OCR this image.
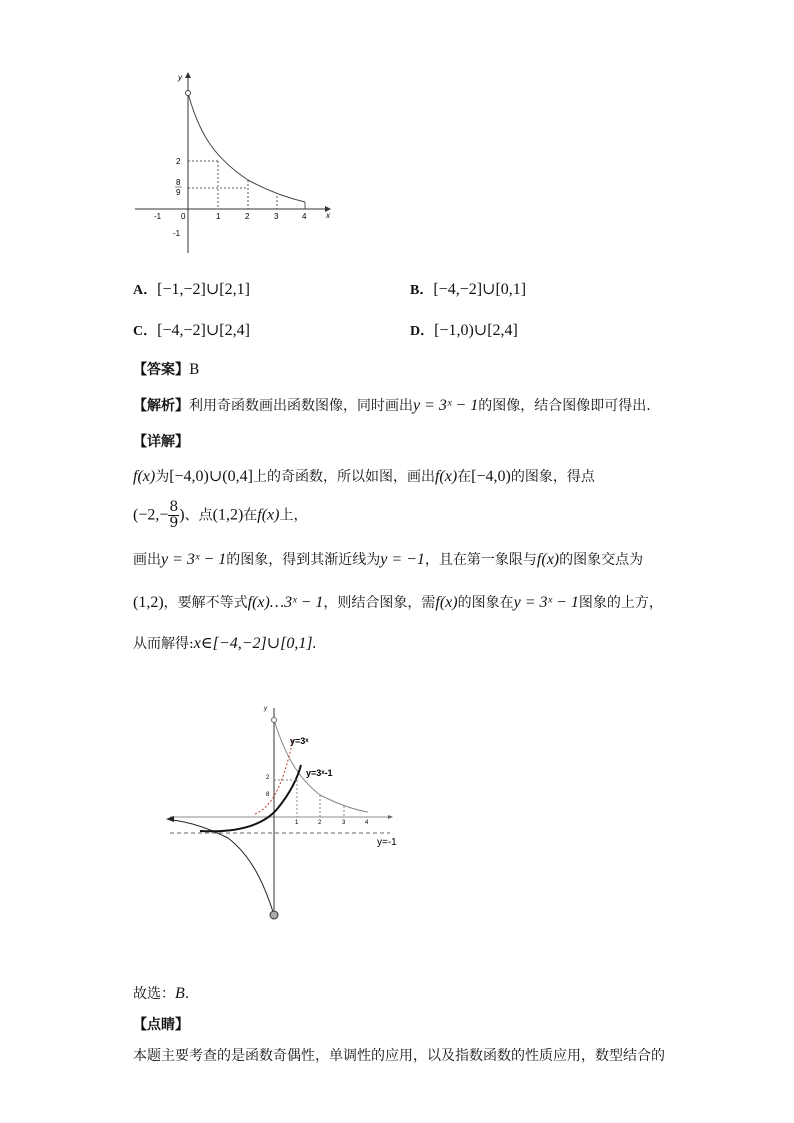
y
x
2
8
9
-1
-1 0	1	2	3	4
A．[−1,−2]∪[2,1]	B．[−4,−2]∪[0,1]
C．[−4,−2]∪[2,4]	D．[−1,0)∪[2,4]
【答案】B
【解析】利用奇函数画出函数图像，同时画出y = 3ˣ − 1的图像，结合图像即可得出.
【详解】
f(x)为[−4,0)∪(0,4]上的奇函数，所以如图，画出f(x)在[−4,0)的图象，得点
($-2,- \frac{8}{9}$ )、点(1,2)在f(x)上，
画出y = 3ˣ − 1的图象，得到其渐近线为y = −1，且在第一象限与f(x)的图象交点为
(1,2)，要解不等式f(x)…3ˣ − 1，则结合图象，需f(x)的图象在y = 3ˣ − 1图象的上方，
从而解得:x∈[−4,−2]∪[0,1].
y
y=-1
y=3ˣ
y=3ˣ-1
2
8
1	2	3	4
故选：B.
【点睛】
本题主要考查的是函数奇偶性，单调性的应用，以及指数函数的性质应用，数型结合的
